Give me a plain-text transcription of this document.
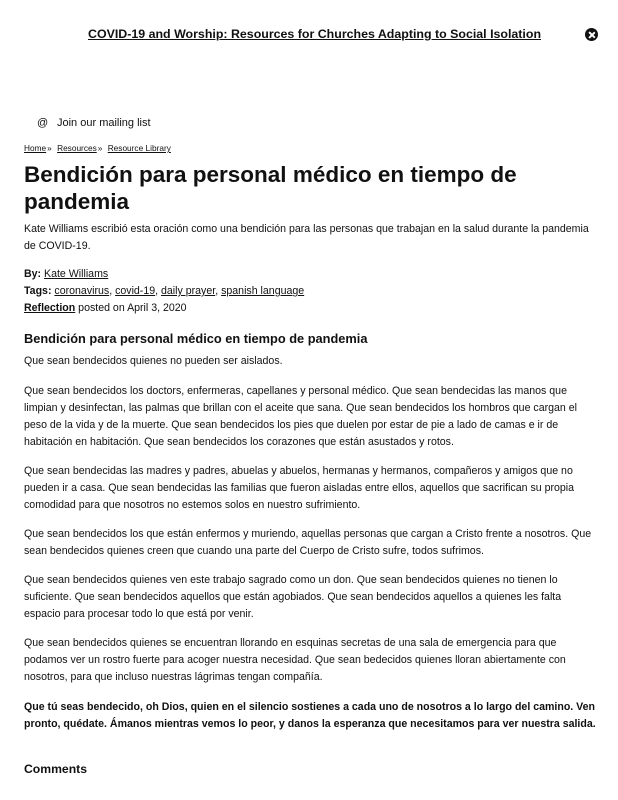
COVID-19 and Worship: Resources for Churches Adapting to Social Isolation
@ Join our mailing list
Home» Resources» Resource Library
Bendición para personal médico en tiempo de pandemia

Kate Williams escribió esta oración como una bendición para las personas que trabajan en la salud durante la pandemia de COVID-19.

By: Kate Williams
Tags: coronavirus, covid-19, daily prayer, spanish language
Reflection posted on April 3, 2020
Bendición para personal médico en tiempo de pandemia

Que sean bendecidos quienes no pueden ser aislados.

Que sean bendecidos los doctors, enfermeras, capellanes y personal médico. Que sean bendecidas las manos que limpian y desinfectan, las palmas que brillan con el aceite que sana. Que sean bendecidos los hombros que cargan el peso de la vida y de la muerte. Que sean bendecidos los pies que duelen por estar de pie a lado de camas e ir de habitación en habitación. Que sean bendecidos los corazones que están asustados y rotos.

Que sean bendecidas las madres y padres, abuelas y abuelos, hermanas y hermanos, compañeros y amigos que no pueden ir a casa. Que sean bendecidas las familias que fueron aisladas entre ellos, aquellos que sacrifican su propia comodidad para que nosotros no estemos solos en nuestro sufrimiento.

Que sean bendecidos los que están enfermos y muriendo, aquellas personas que cargan a Cristo frente a nosotros. Que sean bendecidos quienes creen que cuando una parte del Cuerpo de Cristo sufre, todos sufrimos.

Que sean bendecidos quienes ven este trabajo sagrado como un don. Que sean bendecidos quienes no tienen lo suficiente. Que sean bendecidos aquellos que están agobiados. Que sean bendecidos aquellos a quienes les falta espacio para procesar todo lo que está por venir.

Que sean bendecidos quienes se encuentran llorando en esquinas secretas de una sala de emergencia para que podamos ver un rostro fuerte para acoger nuestra necesidad. Que sean bedecidos quienes lloran abiertamente con nosotros, para que incluso nuestras lágrimas tengan compañía.

Que tú seas bendecido, oh Dios, quien en el silencio sostienes a cada uno de nosotros a lo largo del camino. Ven pronto, quédate. Ámanos mientras vemos lo peor, y danos la esperanza que necesitamos para ver nuestra salida.

Comments
